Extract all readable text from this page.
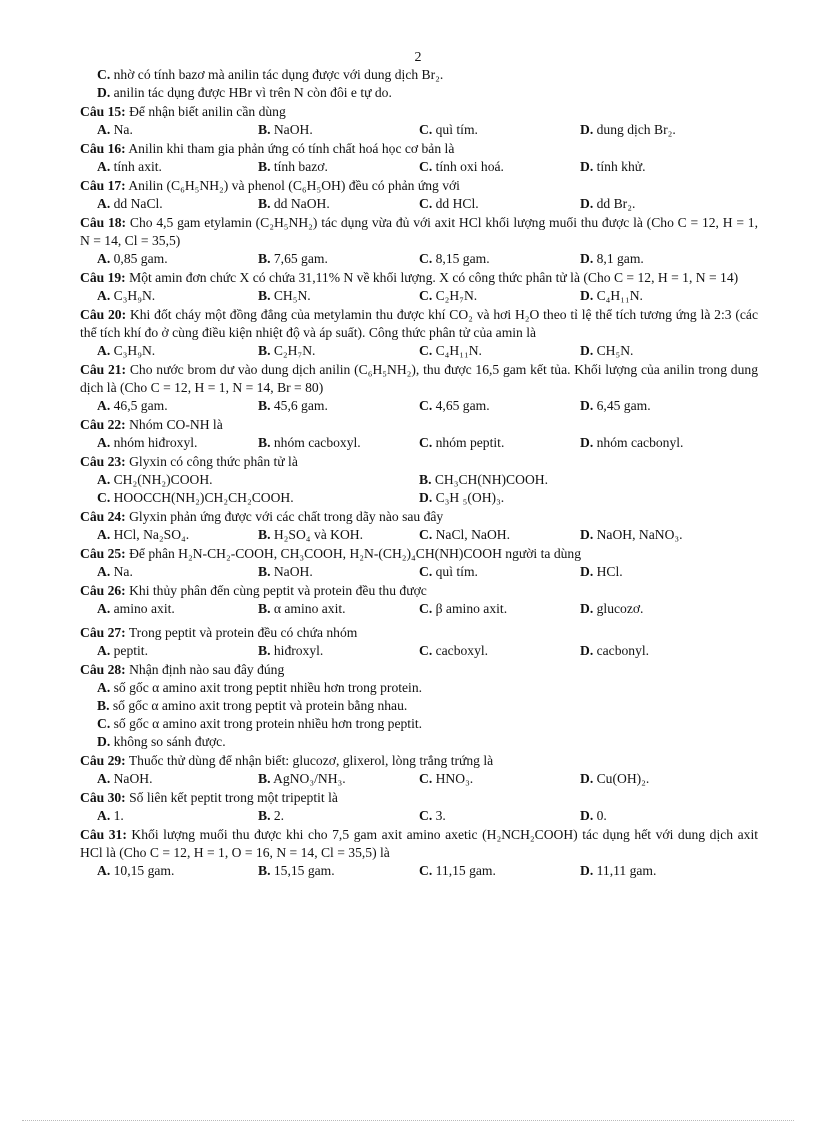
2
C. nhờ có tính bazơ mà anilin tác dụng được với dung dịch Br₂.
D. anilin tác dụng được HBr vì trên N còn đôi e tự do.
Câu 15: Để nhận biết anilin cần dùng
A. Na.	B. NaOH.	C. quì tím.	D. dung dịch Br₂.
Câu 16: Anilin khi tham gia phản ứng có tính chất hoá học cơ bản là
A. tính axit.	B. tính bazơ.	C. tính oxi hoá.	D. tính khử.
Câu 17: Anilin (C₆H₅NH₂) và phenol (C₆H₅OH) đều có phản ứng với
A. dd NaCl.	B. dd NaOH.	C. dd HCl.	D. dd Br₂.
Câu 18: Cho 4,5 gam etylamin (C₂H₅NH₂) tác dụng vừa đủ với axit HCl khối lượng muối thu được là (Cho C = 12, H = 1, N = 14, Cl = 35,5)
A. 0,85 gam.	B. 7,65 gam.	C. 8,15 gam.	D. 8,1 gam.
Câu 19: Một amin đơn chức X có chứa 31,11% N về khối lượng. X có công thức phân tử là (Cho C = 12, H = 1, N = 14)
A. C₃H₉N.	B. CH₅N.	C. C₂H₇N.	D. C₄H₁₁N.
Câu 20: Khi đốt cháy một đồng đẳng của metylamin thu được khí CO₂ và hơi H₂O theo tỉ lệ thể tích tương ứng là 2:3 (các thể tích khí đo ở cùng điều kiện nhiệt độ và áp suất). Công thức phân tử của amin là
A. C₃H₉N.	B. C₂H₇N.	C. C₄H₁₁N.	D. CH₅N.
Câu 21: Cho nước brom dư vào dung dịch anilin (C₆H₅NH₂), thu được 16,5 gam kết tủa. Khối lượng của anilin trong dung dịch là (Cho C = 12, H = 1, N = 14, Br = 80)
A. 46,5 gam.	B. 45,6 gam.	C. 4,65 gam.	D. 6,45 gam.
Câu 22: Nhóm CO-NH là
A. nhóm hiđroxyl.	B. nhóm cacboxyl.	C. nhóm peptit.	D. nhóm cacbonyl.
Câu 23: Glyxin có công thức phân tử là
A. CH₂(NH₂)COOH.	B. CH₃CH(NH)COOH.
C. HOOCCH(NH₂)CH₂CH₂COOH.	D. C₃H ₅(OH)₃.
Câu 24: Glyxin phản ứng được với các chất trong dãy nào sau đây
A. HCl, Na₂SO₄.	B. H₂SO₄ và KOH.	C. NaCl, NaOH.	D. NaOH, NaNO₃.
Câu 25: Để phân H₂N-CH₂-COOH, CH₃COOH, H₂N-(CH₂)₄CH(NH)COOH người ta dùng
A. Na.	B. NaOH.	C. quì tím.	D. HCl.
Câu 26: Khi thủy phân đến cùng peptit và protein đều thu được
A. amino axit.	B. α amino axit.	C. β amino axit.	D. glucozơ.
Câu 27: Trong peptit và protein đều có chứa nhóm
A. peptit.	B. hiđroxyl.	C. cacboxyl.	D. cacbonyl.
Câu 28: Nhận định nào sau đây đúng
A. số gốc α amino axit trong peptit nhiều hơn trong protein.
B. số gốc α amino axit trong peptit và protein bằng nhau.
C. số gốc α amino axit trong protein nhiều hơn trong peptit.
D. không so sánh được.
Câu 29: Thuốc thử dùng để nhận biết: glucozơ, glixerol, lòng trắng trứng là
A. NaOH.	B. AgNO₃/NH₃.	C. HNO₃.	D. Cu(OH)₂.
Câu 30: Số liên kết peptit trong một tripeptit là
A. 1.	B. 2.	C. 3.	D. 0.
Câu 31: Khối lượng muối thu được khi cho 7,5 gam axit amino axetic (H₂NCH₂COOH) tác dụng hết với dung dịch axit HCl là (Cho C = 12, H = 1, O = 16, N = 14, Cl = 35,5) là
A. 10,15 gam.	B. 15,15 gam.	C. 11,15 gam.	D. 11,11 gam.
